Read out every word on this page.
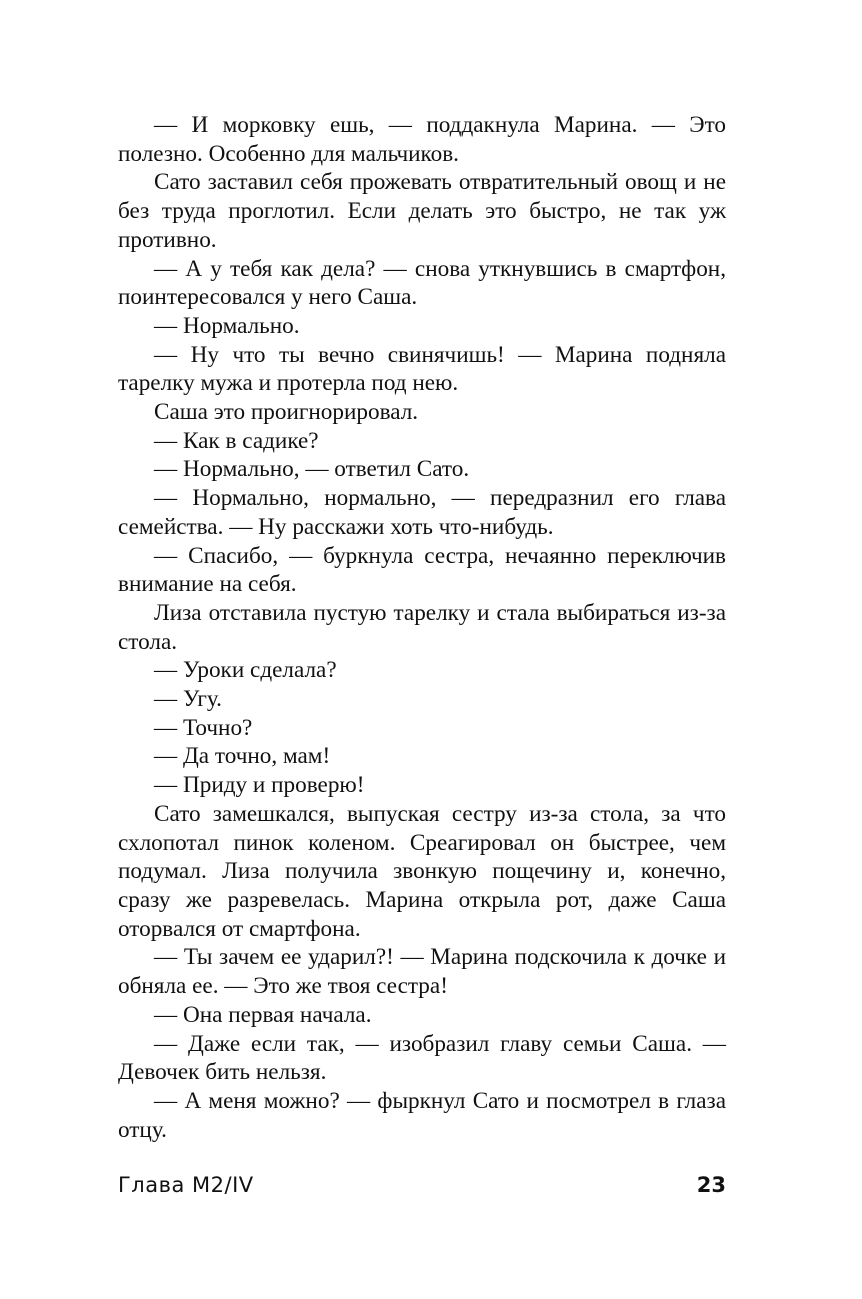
— И морковку ешь, — поддакнула Марина. — Это полезно. Особенно для мальчиков.

Сато заставил себя прожевать отвратительный овощ и не без труда проглотил. Если делать это быстро, не так уж противно.

— А у тебя как дела? — снова уткнувшись в смартфон, поинтересовался у него Саша.

— Нормально.

— Ну что ты вечно свинячишь! — Марина подняла тарелку мужа и протерла под нею.

Саша это проигнорировал.

— Как в садике?

— Нормально, — ответил Сато.

— Нормально, нормально, — передразнил его глава семейства. — Ну расскажи хоть что-нибудь.

— Спасибо, — буркнула сестра, нечаянно переключив внимание на себя.

Лиза отставила пустую тарелку и стала выбираться из-за стола.

— Уроки сделала?

— Угу.

— Точно?

— Да точно, мам!

— Приду и проверю!

Сато замешкался, выпуская сестру из-за стола, за что схлопотал пинок коленом. Среагировал он быстрее, чем подумал. Лиза получила звонкую пощечину и, конечно, сразу же разревелась. Марина открыла рот, даже Саша оторвался от смартфона.

— Ты зачем ее ударил?! — Марина подскочила к дочке и обняла ее. — Это же твоя сестра!

— Она первая начала.

— Даже если так, — изобразил главу семьи Саша. — Девочек бить нельзя.

— А меня можно? — фыркнул Сато и посмотрел в глаза отцу.

Глава M2/IV	23
